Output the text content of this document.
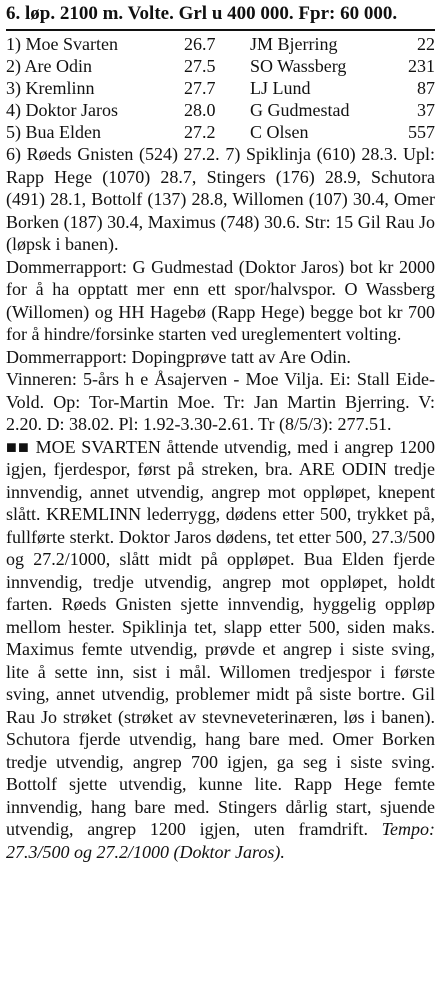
6. løp. 2100 m. Volte. Grl u 400 000. Fpr: 60 000.
1) Moe Svarten	26.7	JM Bjerring	22
2) Are Odin	27.5	SO Wassberg	231
3) Kremlinn	27.7	LJ Lund	87
4) Doktor Jaros	28.0	G Gudmestad	37
5) Bua Elden	27.2	C Olsen	557

6) Røeds Gnisten (524) 27.2. 7) Spiklinja (610) 28.3. Upl: Rapp Hege (1070) 28.7, Stingers (176) 28.9, Schutora (491) 28.1, Bottolf (137) 28.8, Willomen (107) 30.4, Omer Borken (187) 30.4, Maximus (748) 30.6. Str: 15 Gil Rau Jo (løpsk i banen).

Dommerrapport: G Gudmestad (Doktor Jaros) bot kr 2000 for å ha opptatt mer enn ett spor/halvspor. O Wassberg (Willomen) og HH Hagebø (Rapp Hege) begge bot kr 700 for å hindre/forsinke starten ved ureglementert volting.

Dommerrapport: Dopingprøve tatt av Are Odin.

Vinneren: 5-års h e Åsajerven - Moe Vilja. Ei: Stall Eide-Vold. Op: Tor-Martin Moe. Tr: Jan Martin Bjerring. V: 2.20. D: 38.02. Pl: 1.92-3.30-2.61. Tr (8/5/3): 277.51.

■■ MOE SVARTEN åttende utvendig, med i angrep 1200 igjen, fjerdespor, først på streken, bra. ARE ODIN tredje innvendig, annet utvendig, angrep mot oppløpet, knepent slått. KREMLINN lederrygg, dødens etter 500, trykket på, fullførte sterkt. Doktor Jaros dødens, tet etter 500, 27.3/500 og 27.2/1000, slått midt på oppløpet. Bua Elden fjerde innvendig, tredje utvendig, angrep mot oppløpet, holdt farten. Røeds Gnisten sjette innvendig, hyggelig oppløp mellom hester. Spiklinja tet, slapp etter 500, siden maks. Maximus femte utvendig, prøvde et angrep i siste sving, lite å sette inn, sist i mål. Willomen tredjespor i første sving, annet utvendig, problemer midt på siste bortre. Gil Rau Jo strøket (strøket av stevneveterinæren, løs i banen). Schutora fjerde utvendig, hang bare med. Omer Borken tredje utvendig, angrep 700 igjen, ga seg i siste sving. Bottolf sjette utvendig, kunne lite. Rapp Hege femte innvendig, hang bare med. Stingers dårlig start, sjuende utvendig, angrep 1200 igjen, uten framdrift. Tempo: 27.3/500 og 27.2/1000 (Doktor Jaros).
